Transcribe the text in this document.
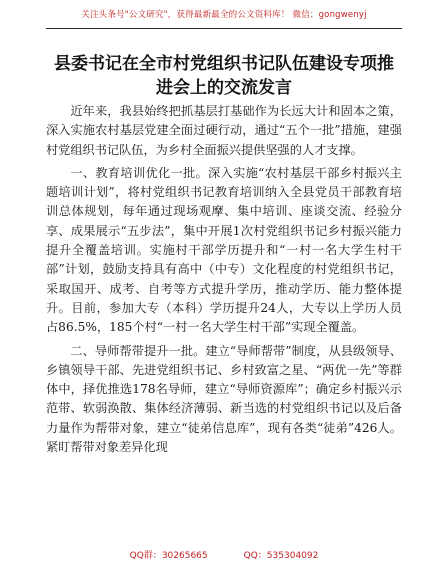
关注头条号"公文研究"，获得最新最全的公文资料库！ 微信：gongwenyj
县委书记在全市村党组织书记队伍建设专项推进会上的交流发言

近年来，我县始终把抓基层打基础作为长远大计和固本之策，深入实施农村基层党建全面过硬行动，通过“五个一批”措施，建强村党组织书记队伍，为乡村全面振兴提供坚强的人才支撑。

一、教育培训优化一批。深入实施“农村基层干部乡村振兴主题培训计划”，将村党组织书记教育培训纳入全县党员干部教育培训总体规划，每年通过现场观摩、集中培训、座谈交流、经验分享、成果展示“五步法”，集中开展1次村党组织书记乡村振兴能力提升全覆盖培训。实施村干部学历提升和“一村一名大学生村干部”计划，鼓励支持具有高中（中专）文化程度的村党组织书记，采取国开、成考、自考等方式提升学历，推动学历、能力整体提升。目前，参加大专（本科）学历提升24人，大专以上学历人员占86.5%，185个村“一村一名大学生村干部”实现全覆盖。

二、导师帮带提升一批。建立“导师帮带”制度，从县级领导、乡镇领导干部、先进党组织书记、乡村致富之星、“两优一先”等群体中，择优推选178名导师，建立“导师资源库”；确定乡村振兴示范带、软弱涣散、集体经济薄弱、新当选的村党组织书记以及后备力量作为帮带对象，建立“徒弟信息库”，现有各类“徒弟”426人。紧盯帮带对象差异化现

QQ群：30265665	QQ：535304092
